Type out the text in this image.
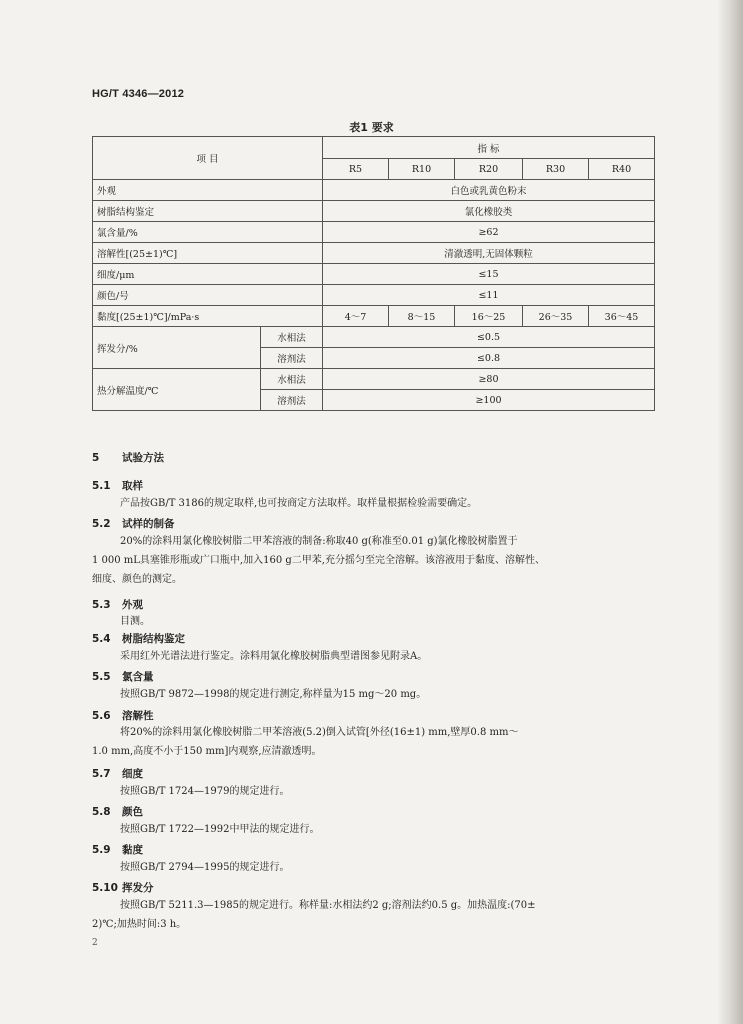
HG/T 4346—2012
表1 要求
项 目		指 标				
		R5	R10	R20	R30	R40
外观		白色或乳黄色粉末				
树脂结构鉴定		氯化橡胶类				
氯含量/%		≥62				
溶解性[(25±1)℃]		清澈透明,无固体颗粒				
细度/μm		≤15				
颜色/号		≤11				
黏度[(25±1)℃]/mPa·s		4～7	8～15	16～25	26～35	36～45
挥发分/%	水相法	≤0.5				
	溶剂法	≤0.8				
热分解温度/℃	水相法	≥80				
	溶剂法	≥100				
5 试验方法
5.1 取样
产品按GB/T 3186的规定取样,也可按商定方法取样。取样量根据检验需要确定。
5.2 试样的制备
20%的涂料用氯化橡胶树脂二甲苯溶液的制备:称取40 g(称准至0.01 g)氯化橡胶树脂置于
1 000 mL具塞锥形瓶或广口瓶中,加入160 g二甲苯,充分摇匀至完全溶解。该溶液用于黏度、溶解性、
细度、颜色的测定。
5.3 外观
目测。
5.4 树脂结构鉴定
采用红外光谱法进行鉴定。涂料用氯化橡胶树脂典型谱图参见附录A。
5.5 氯含量
按照GB/T 9872—1998的规定进行测定,称样量为15 mg～20 mg。
5.6 溶解性
将20%的涂料用氯化橡胶树脂二甲苯溶液(5.2)倒入试管[外径(16±1) mm,壁厚0.8 mm～
1.0 mm,高度不小于150 mm]内观察,应清澈透明。
5.7 细度
按照GB/T 1724—1979的规定进行。
5.8 颜色
按照GB/T 1722—1992中甲法的规定进行。
5.9 黏度
按照GB/T 2794—1995的规定进行。
5.10 挥发分
按照GB/T 5211.3—1985的规定进行。称样量:水相法约2 g;溶剂法约0.5 g。加热温度:(70±
2)℃;加热时间:3 h。
2
